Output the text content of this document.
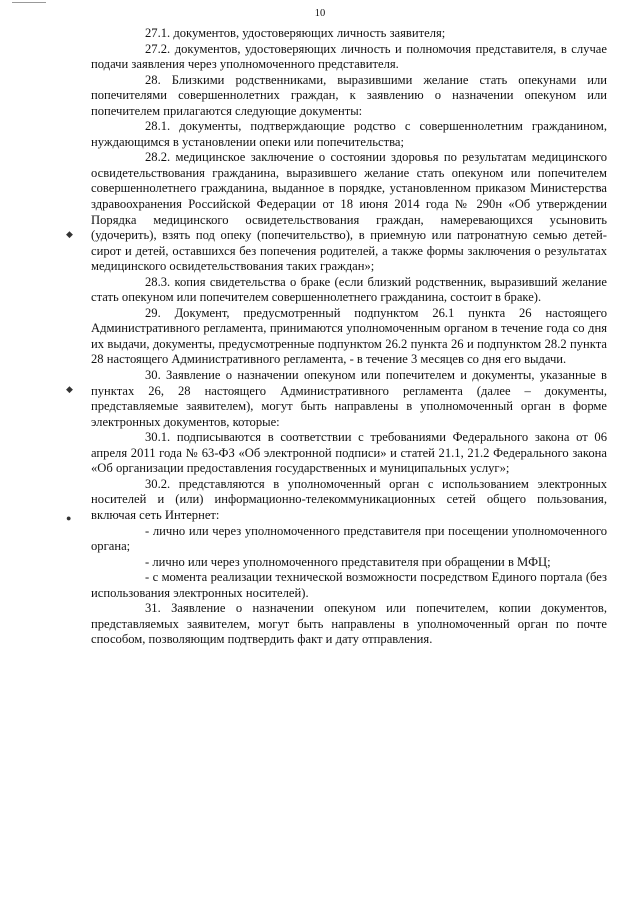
10
◆
◆
●

27.1. документов, удостоверяющих личность заявителя;

27.2. документов, удостоверяющих личность и полномочия представителя, в случае подачи заявления через уполномоченного представителя.

28. Близкими родственниками, выразившими желание стать опекунами или попечителями совершеннолетних граждан, к заявлению о назначении опекуном или попечителем прилагаются следующие документы:

28.1. документы, подтверждающие родство с совершеннолетним гражданином, нуждающимся в установлении опеки или попечительства;

28.2. медицинское заключение о состоянии здоровья по результатам медицинского освидетельствования гражданина, выразившего желание стать опекуном или попечителем совершеннолетнего гражданина, выданное в порядке, установленном приказом Министерства здравоохранения Российской Федерации от 18 июня 2014 года № 290н «Об утверждении Порядка медицинского освидетельствования граждан, намеревающихся усыновить (удочерить), взять под опеку (попечительство), в приемную или патронатную семью детей-сирот и детей, оставшихся без попечения родителей, а также формы заключения о результатах медицинского освидетельствования таких граждан»;

28.3. копия свидетельства о браке (если близкий родственник, выразивший желание стать опекуном или попечителем совершеннолетнего гражданина, состоит в браке).

29. Документ, предусмотренный подпунктом 26.1 пункта 26 настоящего Административного регламента, принимаются уполномоченным органом в течение года со дня их выдачи, документы, предусмотренные подпунктом 26.2 пункта 26 и подпунктом 28.2 пункта 28 настоящего Административного регламента, - в течение 3 месяцев со дня его выдачи.

30. Заявление о назначении опекуном или попечителем и документы, указанные в пунктах 26, 28 настоящего Административного регламента (далее – документы, представляемые заявителем), могут быть направлены в уполномоченный орган в форме электронных документов, которые:

30.1. подписываются в соответствии с требованиями Федерального закона от 06 апреля 2011 года № 63-ФЗ «Об электронной подписи» и статей 21.1, 21.2 Федерального закона «Об организации предоставления государственных и муниципальных услуг»;

30.2. представляются в уполномоченный орган с использованием электронных носителей и (или) информационно-телекоммуникационных сетей общего пользования, включая сеть Интернет:

- лично или через уполномоченного представителя при посещении уполномоченного органа;

- лично или через уполномоченного представителя при обращении в МФЦ;

- с момента реализации технической возможности посредством Единого портала (без использования электронных носителей).

31. Заявление о назначении опекуном или попечителем, копии документов, представляемых заявителем, могут быть направлены в уполномоченный орган по почте способом, позволяющим подтвердить факт и дату отправления.
